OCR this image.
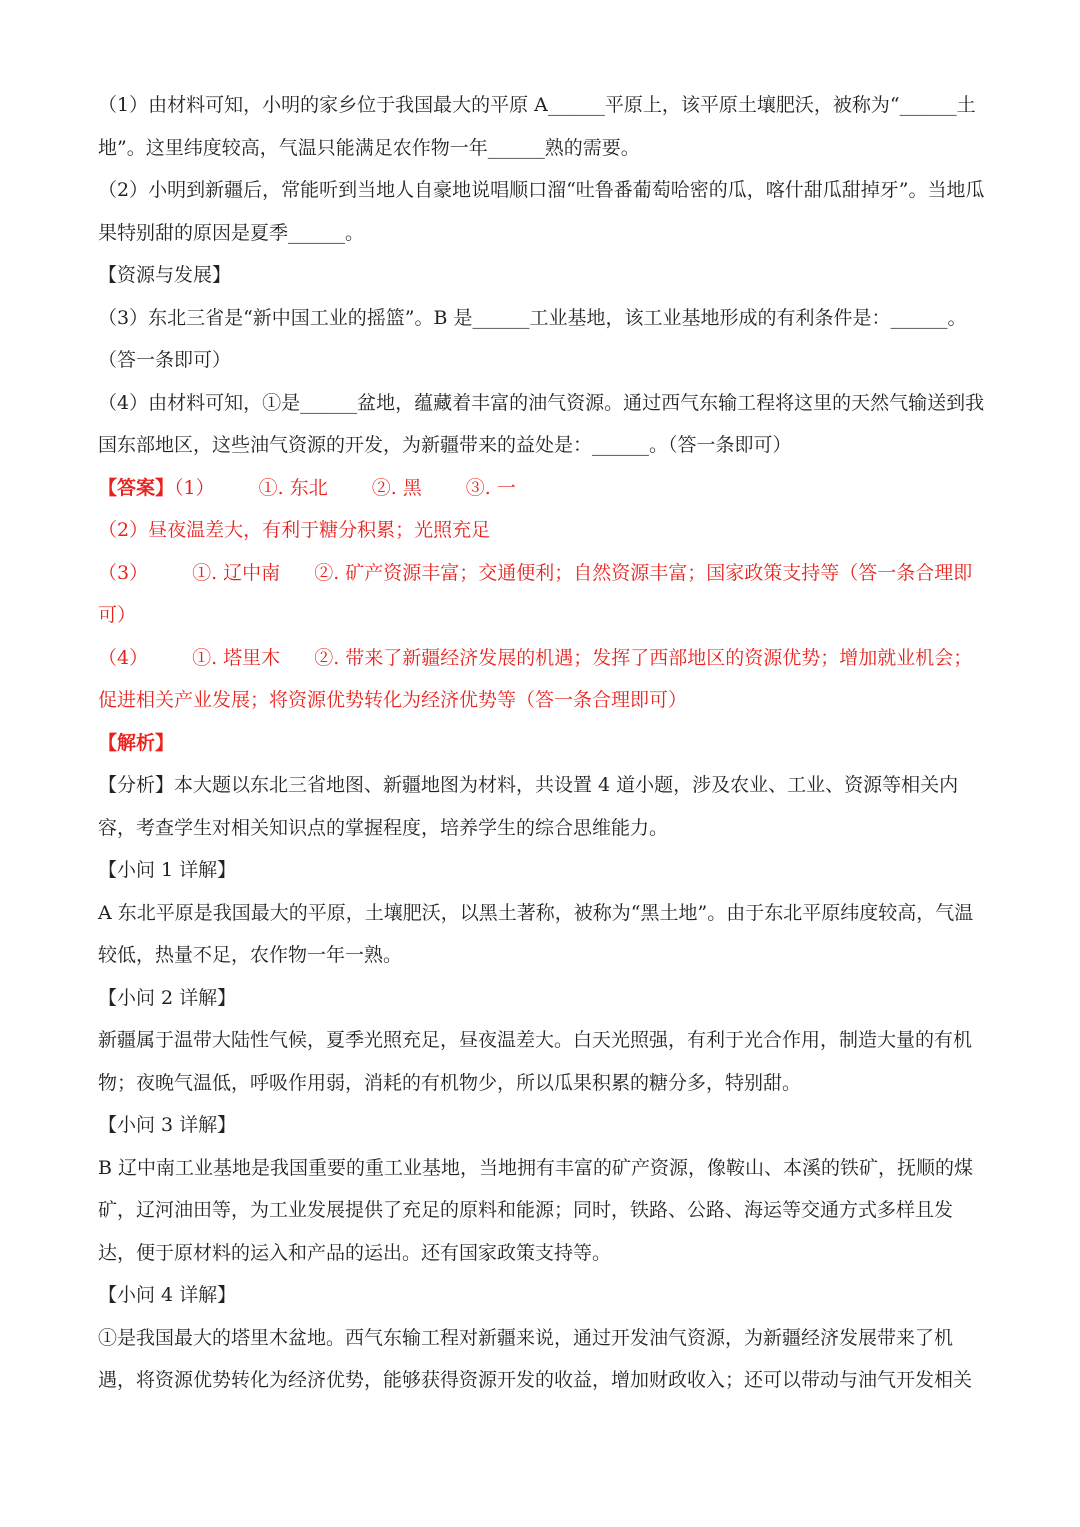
（1）由材料可知，小明的家乡位于我国最大的平原 A______平原上，该平原土壤肥沃，被称为“______土地”。这里纬度较高，气温只能满足农作物一年______熟的需要。

（2）小明到新疆后，常能听到当地人自豪地说唱顺口溜“吐鲁番葡萄哈密的瓜，喀什甜瓜甜掉牙”。当地瓜果特别甜的原因是夏季______。

【资源与发展】

（3）东北三省是“新中国工业的摇篮”。B 是______工业基地，该工业基地形成的有利条件是：______。（答一条即可）

（4）由材料可知，①是______盆地，蕴藏着丰富的油气资源。通过西气东输工程将这里的天然气输送到我国东部地区，这些油气资源的开发，为新疆带来的益处是：______。（答一条即可）

【答案】（1） ①. 东北 ②. 黑 ③. 一

（2）昼夜温差大，有利于糖分积累；光照充足

（3） ①. 辽中南 ②. 矿产资源丰富；交通便利；自然资源丰富；国家政策支持等（答一条合理即可）

（4） ①. 塔里木 ②. 带来了新疆经济发展的机遇；发挥了西部地区的资源优势；增加就业机会；促进相关产业发展；将资源优势转化为经济优势等（答一条合理即可）

【解析】

【分析】本大题以东北三省地图、新疆地图为材料，共设置 4 道小题，涉及农业、工业、资源等相关内容，考查学生对相关知识点的掌握程度，培养学生的综合思维能力。

【小问 1 详解】

A 东北平原是我国最大的平原，土壤肥沃，以黑土著称，被称为“黑土地”。由于东北平原纬度较高，气温较低，热量不足，农作物一年一熟。

【小问 2 详解】

新疆属于温带大陆性气候，夏季光照充足，昼夜温差大。白天光照强，有利于光合作用，制造大量的有机物；夜晚气温低，呼吸作用弱，消耗的有机物少，所以瓜果积累的糖分多，特别甜。

【小问 3 详解】

B 辽中南工业基地是我国重要的重工业基地，当地拥有丰富的矿产资源，像鞍山、本溪的铁矿，抚顺的煤矿，辽河油田等，为工业发展提供了充足的原料和能源；同时，铁路、公路、海运等交通方式多样且发达，便于原材料的运入和产品的运出。还有国家政策支持等。

【小问 4 详解】

①是我国最大的塔里木盆地。西气东输工程对新疆来说，通过开发油气资源，为新疆经济发展带来了机遇，将资源优势转化为经济优势，能够获得资源开发的收益，增加财政收入；还可以带动与油气开发相关
